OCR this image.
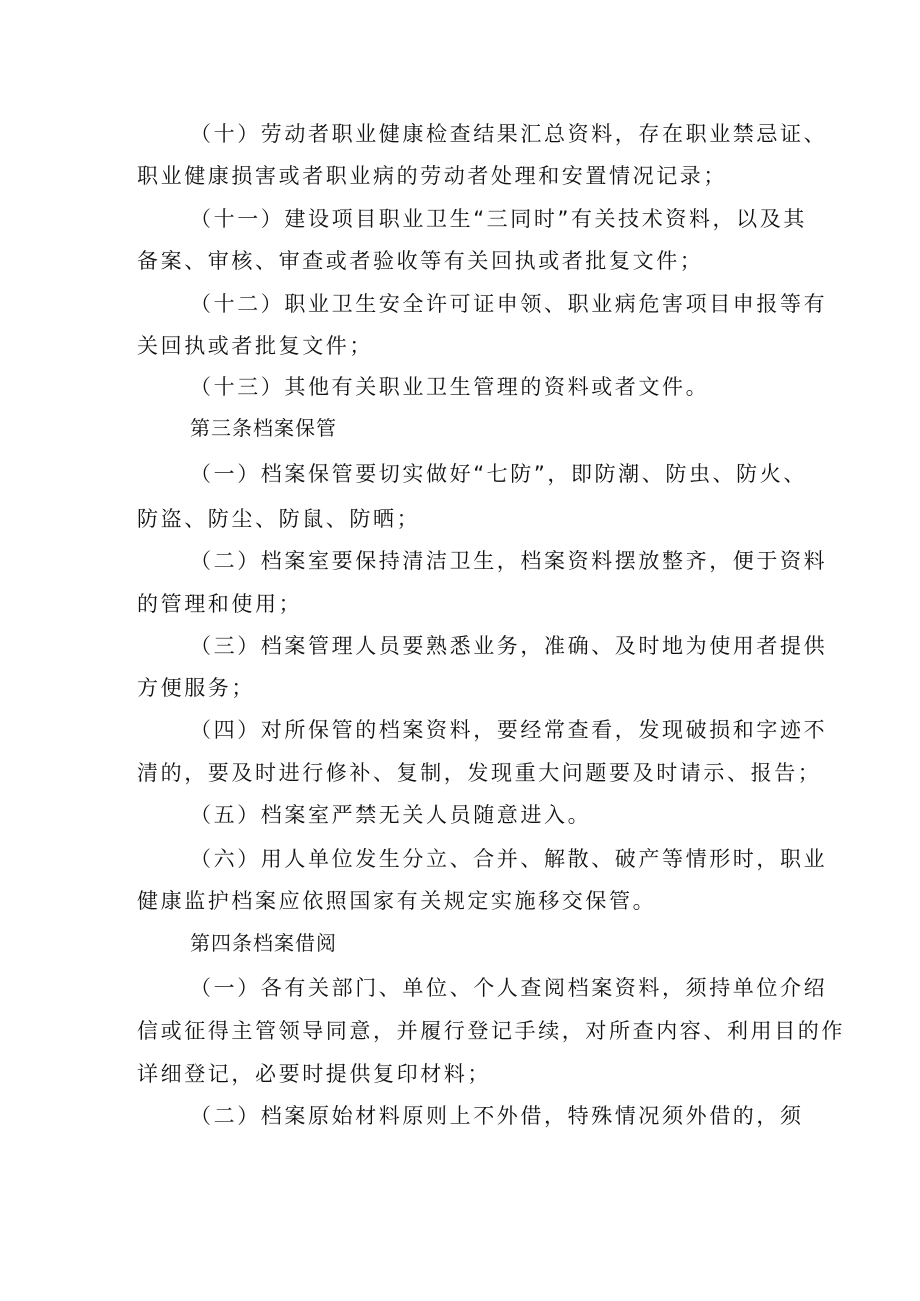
（十）劳动者职业健康检查结果汇总资料，存在职业禁忌证、
职业健康损害或者职业病的劳动者处理和安置情况记录；
（十一）建设项目职业卫生“三同时”有关技术资料，以及其
备案、审核、审查或者验收等有关回执或者批复文件；
（十二）职业卫生安全许可证申领、职业病危害项目申报等有
关回执或者批复文件；
（十三）其他有关职业卫生管理的资料或者文件。
第三条档案保管
（一）档案保管要切实做好“七防”，即防潮、防虫、防火、
防盗、防尘、防鼠、防晒；
（二）档案室要保持清洁卫生，档案资料摆放整齐，便于资料
的管理和使用；
（三）档案管理人员要熟悉业务，准确、及时地为使用者提供
方便服务；
（四）对所保管的档案资料，要经常查看，发现破损和字迹不
清的，要及时进行修补、复制，发现重大问题要及时请示、报告；
（五）档案室严禁无关人员随意进入。
（六）用人单位发生分立、合并、解散、破产等情形时，职业
健康监护档案应依照国家有关规定实施移交保管。
第四条档案借阅
（一）各有关部门、单位、个人查阅档案资料，须持单位介绍
信或征得主管领导同意，并履行登记手续，对所查内容、利用目的作
详细登记，必要时提供复印材料；
（二）档案原始材料原则上不外借，特殊情况须外借的，须
